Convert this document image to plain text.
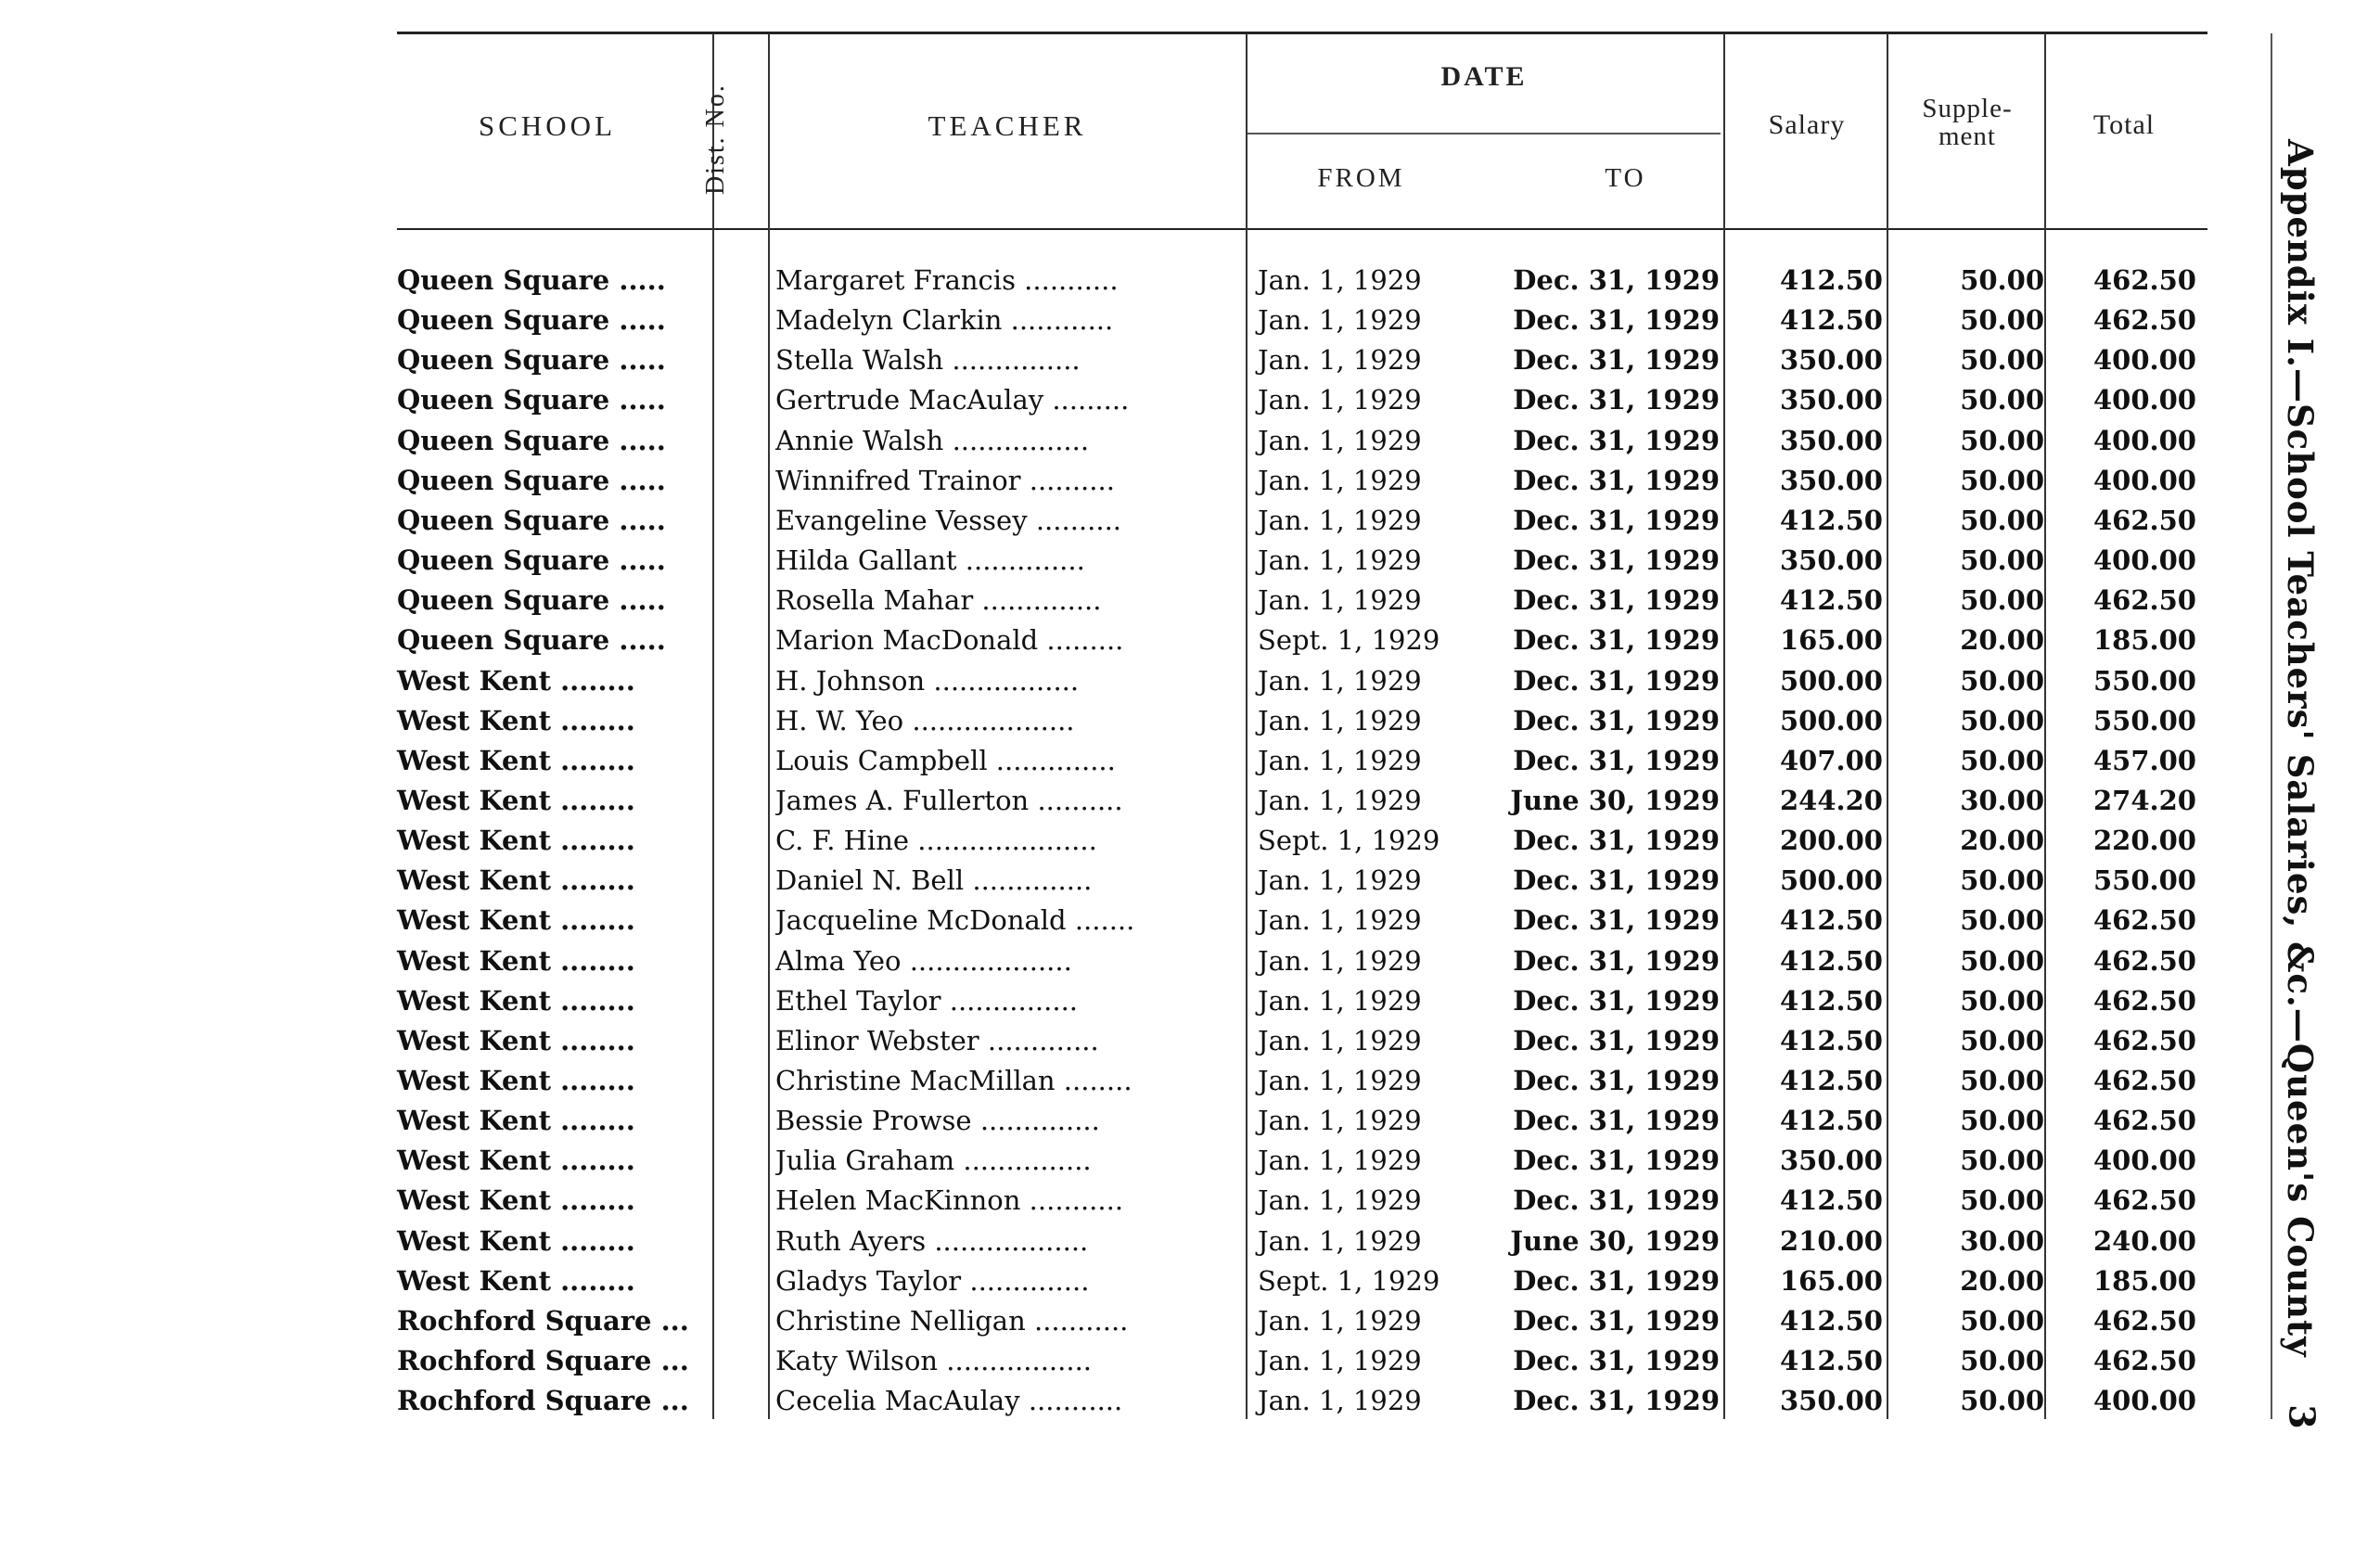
SCHOOL	Dist. No.	TEACHER
DATE
FROM	TO
Salary
Supple-
ment	Total
Queen Square .....	Margaret Francis ...........	Jan. 1, 1929	Dec. 31, 1929	412.50	50.00	462.50
Queen Square .....	Madelyn Clarkin ............	Jan. 1, 1929	Dec. 31, 1929	412.50	50.00	462.50
Queen Square .....	Stella Walsh ...............	Jan. 1, 1929	Dec. 31, 1929	350.00	50.00	400.00
Queen Square .....	Gertrude MacAulay .........	Jan. 1, 1929	Dec. 31, 1929	350.00	50.00	400.00
Queen Square .....	Annie Walsh ................	Jan. 1, 1929	Dec. 31, 1929	350.00	50.00	400.00
Queen Square .....	Winnifred Trainor ..........	Jan. 1, 1929	Dec. 31, 1929	350.00	50.00	400.00
Queen Square .....	Evangeline Vessey ..........	Jan. 1, 1929	Dec. 31, 1929	412.50	50.00	462.50
Queen Square .....	Hilda Gallant ..............	Jan. 1, 1929	Dec. 31, 1929	350.00	50.00	400.00
Queen Square .....	Rosella Mahar ..............	Jan. 1, 1929	Dec. 31, 1929	412.50	50.00	462.50
Queen Square .....	Marion MacDonald .........	Sept. 1, 1929	Dec. 31, 1929	165.00	20.00	185.00
West Kent ........	H. Johnson .................	Jan. 1, 1929	Dec. 31, 1929	500.00	50.00	550.00
West Kent ........	H. W. Yeo ...................	Jan. 1, 1929	Dec. 31, 1929	500.00	50.00	550.00
West Kent ........	Louis Campbell ..............	Jan. 1, 1929	Dec. 31, 1929	407.00	50.00	457.00
West Kent ........	James A. Fullerton ..........	Jan. 1, 1929	June 30, 1929	244.20	30.00	274.20
West Kent ........	C. F. Hine .....................	Sept. 1, 1929	Dec. 31, 1929	200.00	20.00	220.00
West Kent ........	Daniel N. Bell ..............	Jan. 1, 1929	Dec. 31, 1929	500.00	50.00	550.00
West Kent ........	Jacqueline McDonald .......	Jan. 1, 1929	Dec. 31, 1929	412.50	50.00	462.50
West Kent ........	Alma Yeo ...................	Jan. 1, 1929	Dec. 31, 1929	412.50	50.00	462.50
West Kent ........	Ethel Taylor ...............	Jan. 1, 1929	Dec. 31, 1929	412.50	50.00	462.50
West Kent ........	Elinor Webster .............	Jan. 1, 1929	Dec. 31, 1929	412.50	50.00	462.50
West Kent ........	Christine MacMillan ........	Jan. 1, 1929	Dec. 31, 1929	412.50	50.00	462.50
West Kent ........	Bessie Prowse ..............	Jan. 1, 1929	Dec. 31, 1929	412.50	50.00	462.50
West Kent ........	Julia Graham ...............	Jan. 1, 1929	Dec. 31, 1929	350.00	50.00	400.00
West Kent ........	Helen MacKinnon ...........	Jan. 1, 1929	Dec. 31, 1929	412.50	50.00	462.50
West Kent ........	Ruth Ayers ..................	Jan. 1, 1929	June 30, 1929	210.00	30.00	240.00
West Kent ........	Gladys Taylor ..............	Sept. 1, 1929	Dec. 31, 1929	165.00	20.00	185.00
Rochford Square ...	Christine Nelligan ...........	Jan. 1, 1929	Dec. 31, 1929	412.50	50.00	462.50
Rochford Square ...	Katy Wilson .................	Jan. 1, 1929	Dec. 31, 1929	412.50	50.00	462.50
Rochford Square ...	Cecelia MacAulay ...........	Jan. 1, 1929	Dec. 31, 1929	350.00	50.00	400.00
Appendix I.—School Teachers' Salaries, &c.—Queen's County
3
